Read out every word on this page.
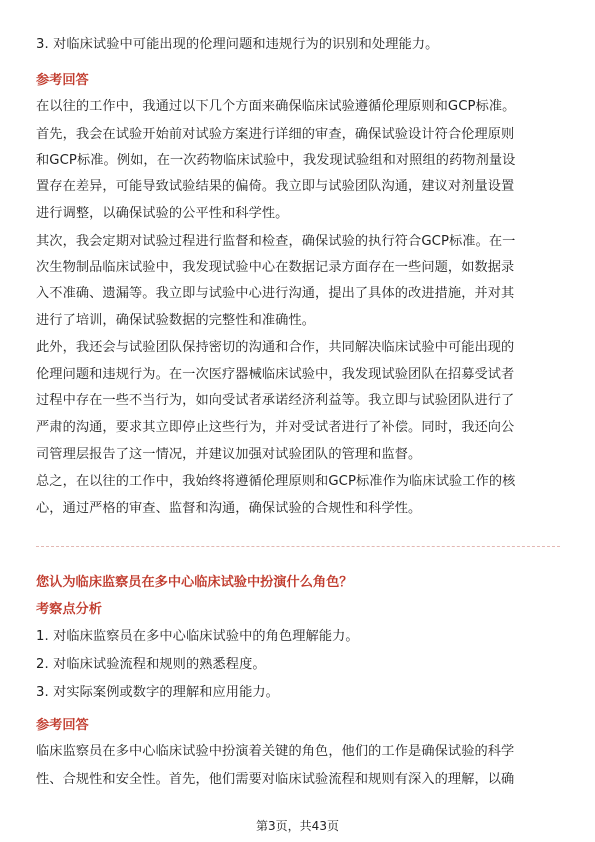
3. 对临床试验中可能出现的伦理问题和违规行为的识别和处理能力。
参考回答
在以往的工作中，我通过以下几个方面来确保临床试验遵循伦理原则和GCP标准。
首先，我会在试验开始前对试验方案进行详细的审查，确保试验设计符合伦理原则
和GCP标准。例如，在一次药物临床试验中，我发现试验组和对照组的药物剂量设
置存在差异，可能导致试验结果的偏倚。我立即与试验团队沟通，建议对剂量设置
进行调整，以确保试验的公平性和科学性。
其次，我会定期对试验过程进行监督和检查，确保试验的执行符合GCP标准。在一
次生物制品临床试验中，我发现试验中心在数据记录方面存在一些问题，如数据录
入不准确、遗漏等。我立即与试验中心进行沟通，提出了具体的改进措施，并对其
进行了培训，确保试验数据的完整性和准确性。
此外，我还会与试验团队保持密切的沟通和合作，共同解决临床试验中可能出现的
伦理问题和违规行为。在一次医疗器械临床试验中，我发现试验团队在招募受试者
过程中存在一些不当行为，如向受试者承诺经济利益等。我立即与试验团队进行了
严肃的沟通，要求其立即停止这些行为，并对受试者进行了补偿。同时，我还向公
司管理层报告了这一情况，并建议加强对试验团队的管理和监督。
总之，在以往的工作中，我始终将遵循伦理原则和GCP标准作为临床试验工作的核
心，通过严格的审查、监督和沟通，确保试验的合规性和科学性。
您认为临床监察员在多中心临床试验中扮演什么角色？
考察点分析
1. 对临床监察员在多中心临床试验中的角色理解能力。
2. 对临床试验流程和规则的熟悉程度。
3. 对实际案例或数字的理解和应用能力。
参考回答
临床监察员在多中心临床试验中扮演着关键的角色，他们的工作是确保试验的科学
性、合规性和安全性。首先，他们需要对临床试验流程和规则有深入的理解，以确
第3页，共43页
